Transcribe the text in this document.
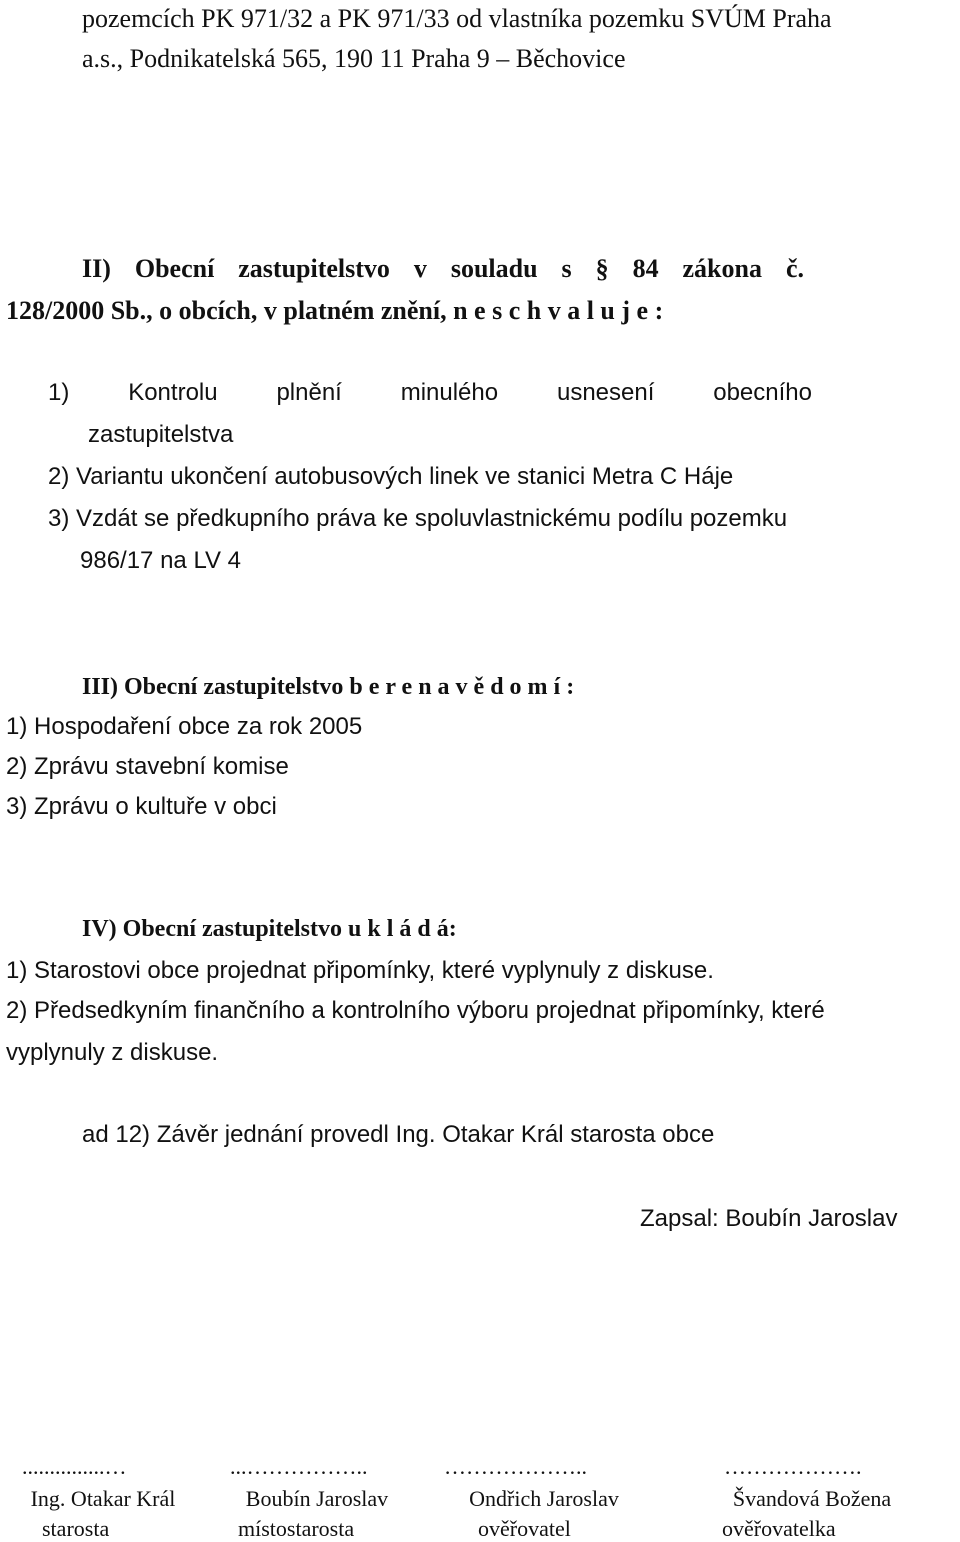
pozemcích PK 971/32 a PK 971/33 od vlastníka pozemku SVÚM Praha
a.s., Podnikatelská 565, 190 11 Praha 9 – Běchovice
II) Obecní zastupitelstvo v souladu s § 84 zákona č.
128/2000 Sb., o obcích, v platném znění, n e s c h v a l u j e :
1) Kontrolu plnění minulého usnesení obecního
zastupitelstva
2) Variantu ukončení autobusových linek ve stanici Metra C Háje
3) Vzdát se předkupního práva ke spoluvlastnickému podílu pozemku
986/17 na LV 4
III) Obecní zastupitelstvo b e r e n a v ě d o m í :
1) Hospodaření obce za rok 2005
2) Zprávu stavební komise
3) Zprávu o kultuře v obci
IV) Obecní zastupitelstvo u k l á d á:
1) Starostovi obce projednat připomínky, které vyplynuly z diskuse.
2) Předsedkyním finančního a kontrolního výboru projednat připomínky, které
vyplynuly z diskuse.
ad 12) Závěr jednání provedl Ing. Otakar Král starosta obce
Zapsal: Boubín Jaroslav
...............…
Ing. Otakar Král
starosta
...……………..
Boubín Jaroslav
místostarosta
………………..
Ondřich Jaroslav
ověřovatel
……………….
Švandová Božena
ověřovatelka
